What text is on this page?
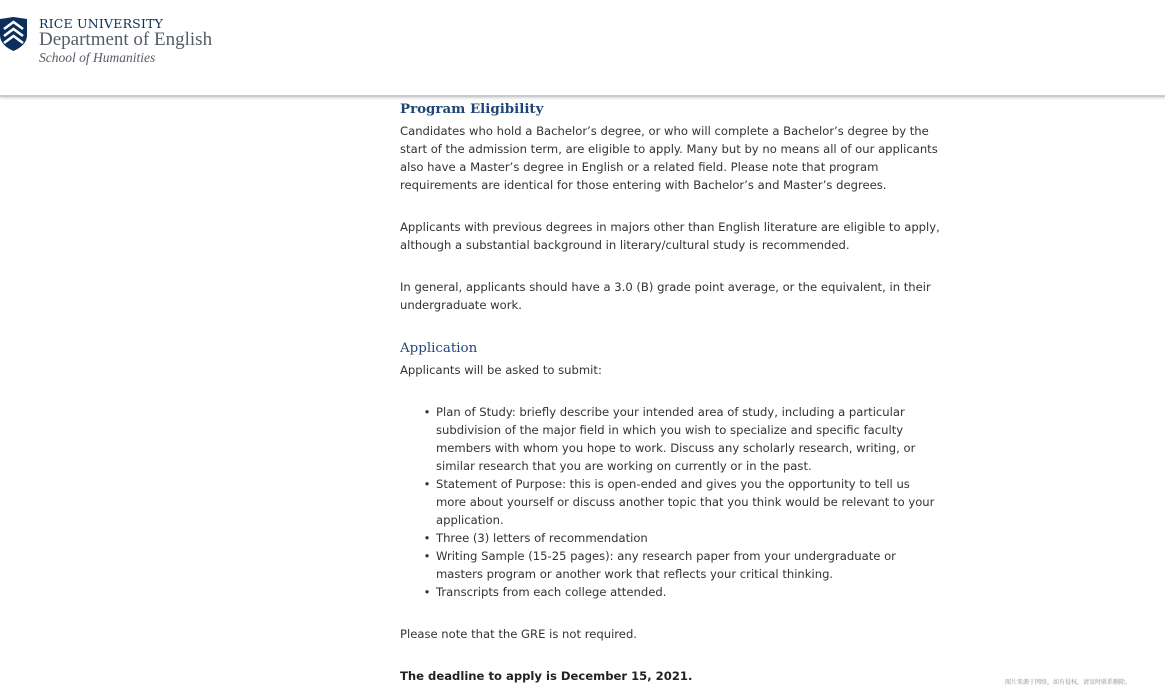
RICE UNIVERSITY
Department of English
School of Humanities
Program Eligibility

Candidates who hold a Bachelor’s degree, or who will complete a Bachelor’s degree by the start of the admission term, are eligible to apply. Many but by no means all of our applicants also have a Master’s degree in English or a related field. Please note that program requirements are identical for those entering with Bachelor’s and Master’s degrees.

Applicants with previous degrees in majors other than English literature are eligible to apply, although a substantial background in literary/cultural study is recommended.

In general, applicants should have a 3.0 (B) grade point average, or the equivalent, in their undergraduate work.

Application

Applicants will be asked to submit:

• Plan of Study: briefly describe your intended area of study, including a particular subdivision of the major field in which you wish to specialize and specific faculty members with whom you hope to work. Discuss any scholarly research, writing, or similar research that you are working on currently or in the past.
• Statement of Purpose: this is open-ended and gives you the opportunity to tell us more about yourself or discuss another topic that you think would be relevant to your application.
• Three (3) letters of recommendation
• Writing Sample (15-25 pages): any research paper from your undergraduate or masters program or another work that reflects your critical thinking.
• Transcripts from each college attended.

Please note that the GRE is not required.

The deadline to apply is December 15, 2021.	图片来源于网络，如有侵权，请及时联系删除。
